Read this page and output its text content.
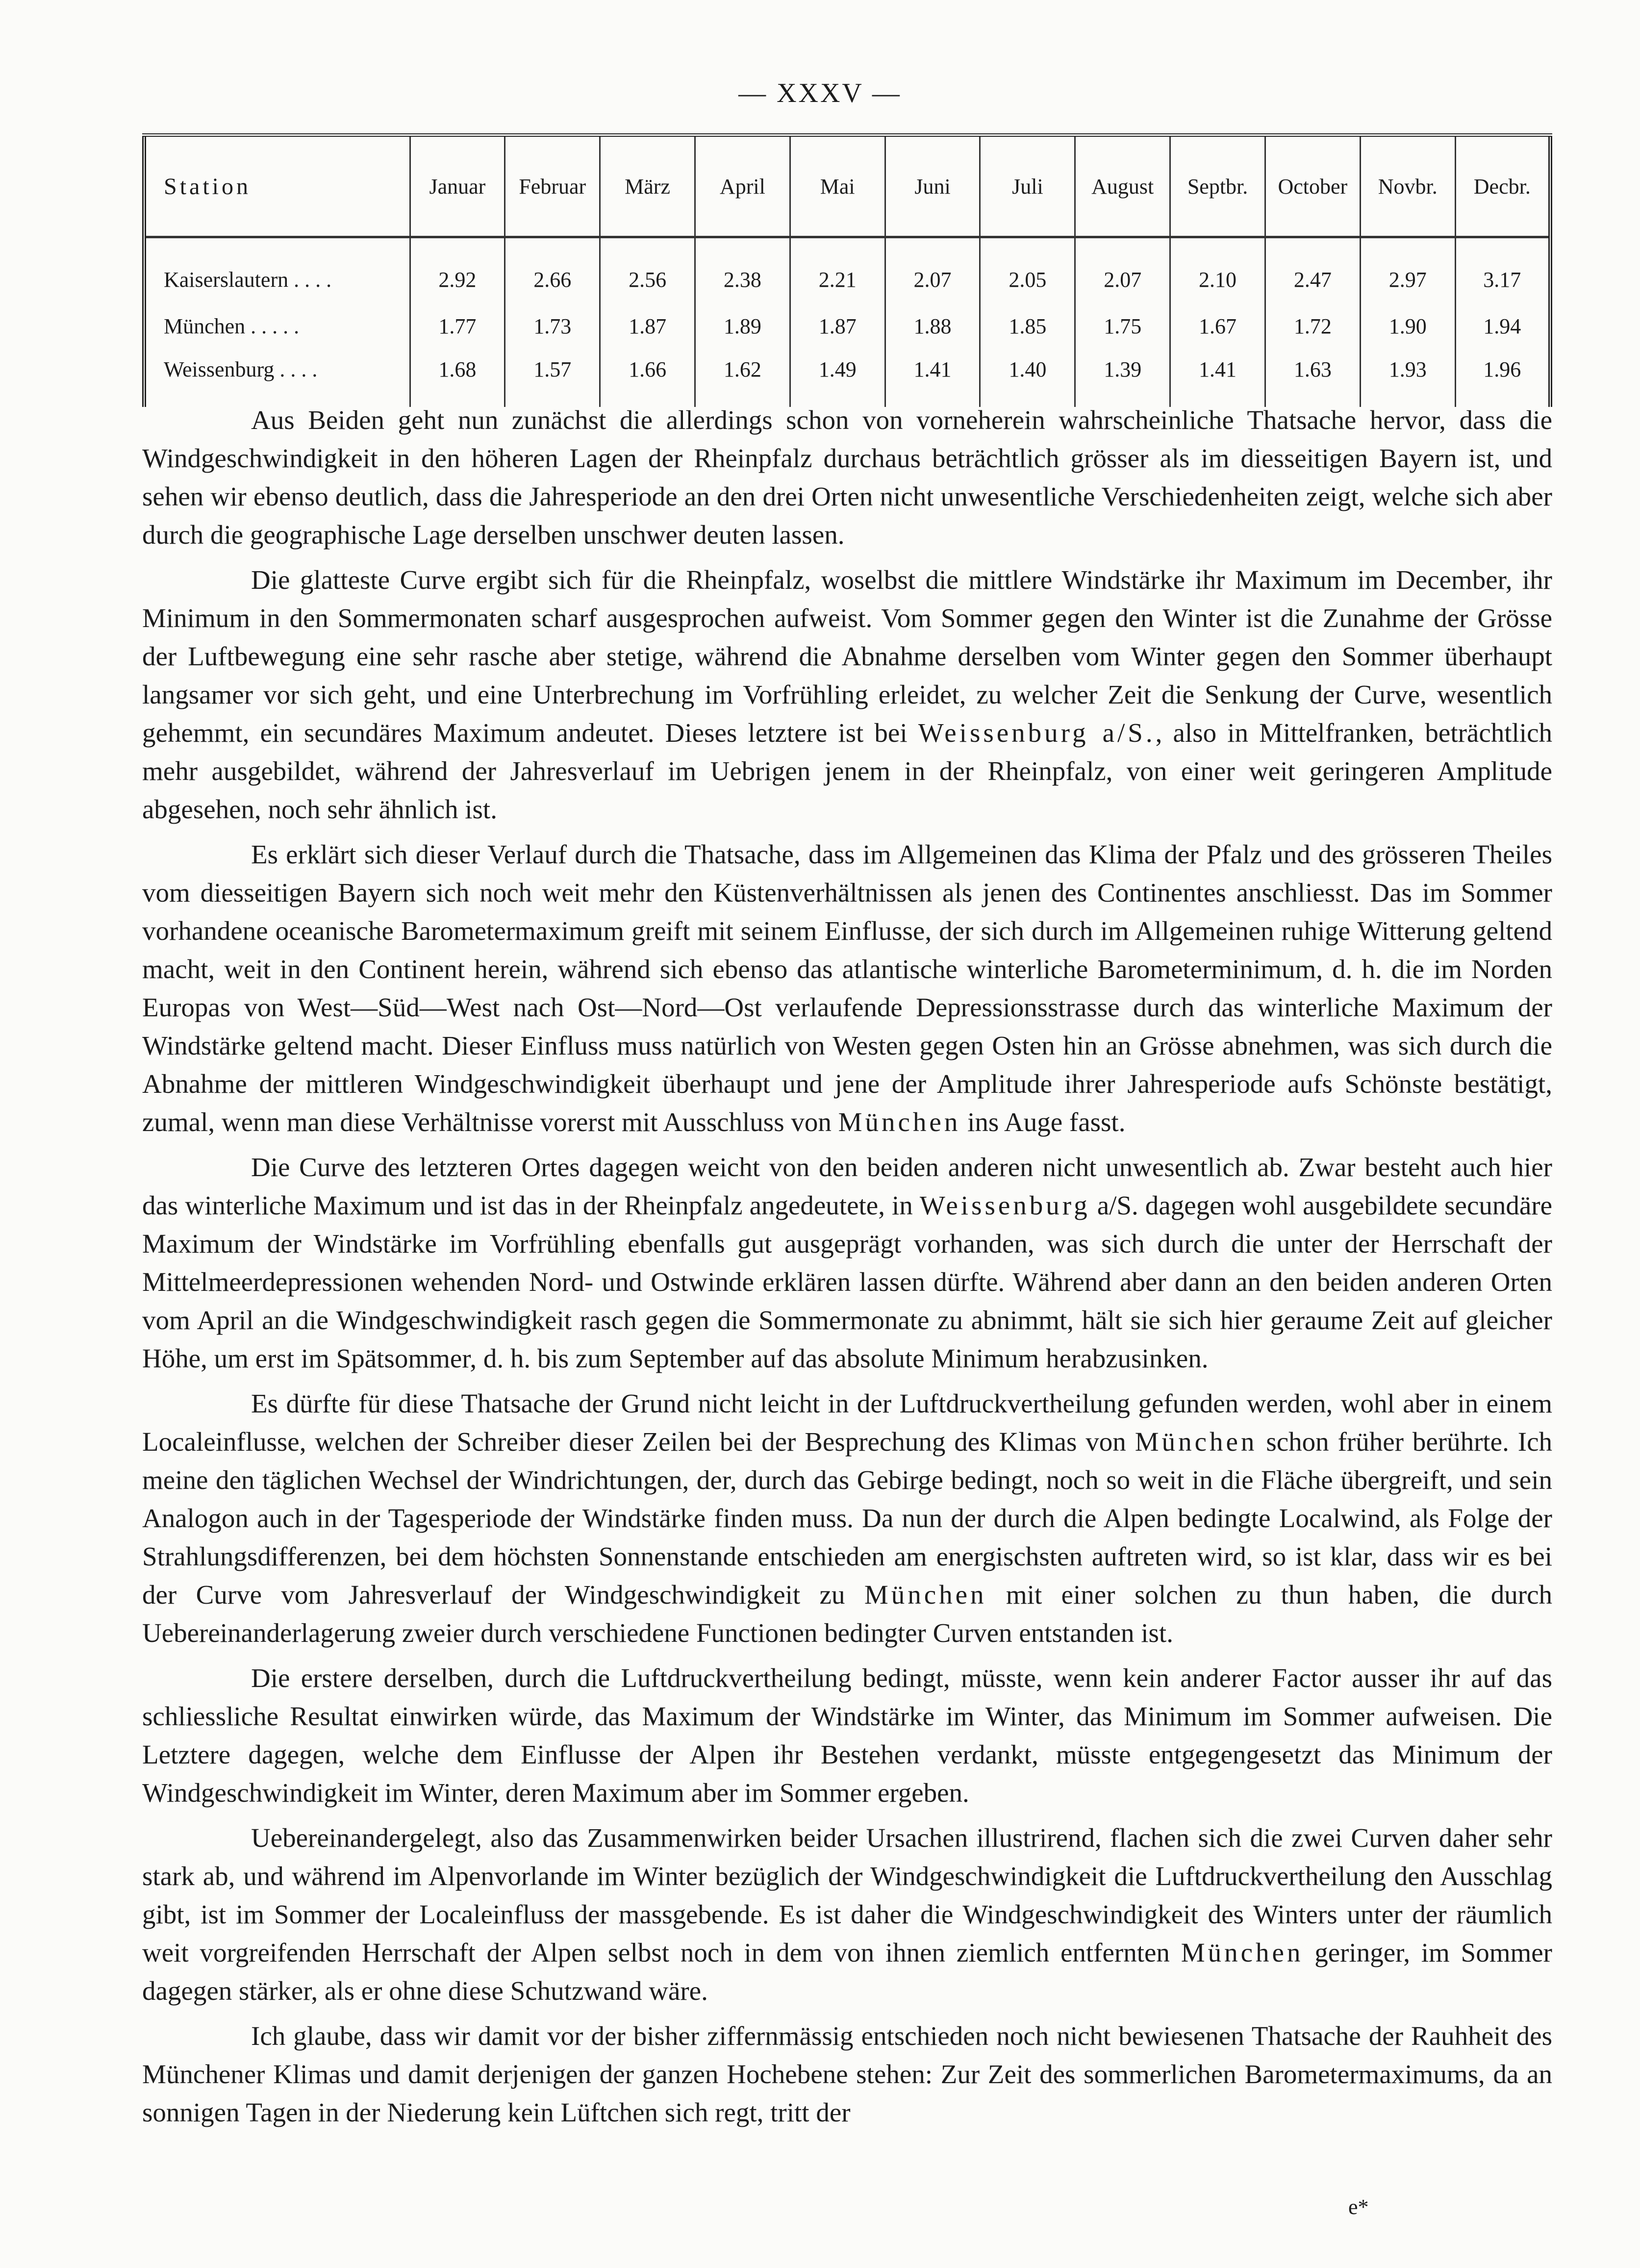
— XXXV —
Station	Januar	Februar	März	April	Mai	Juni	Juli	August	Septbr.	October	Novbr.	Decbr.
Kaiserslautern . . . .	2.92	2.66	2.56	2.38	2.21	2.07	2.05	2.07	2.10	2.47	2.97	3.17
München . . . . .	1.77	1.73	1.87	1.89	1.87	1.88	1.85	1.75	1.67	1.72	1.90	1.94
Weissenburg . . . .	1.68	1.57	1.66	1.62	1.49	1.41	1.40	1.39	1.41	1.63	1.93	1.96

Aus Beiden geht nun zunächst die allerdings schon von vorneherein wahrscheinliche Thatsache hervor, dass die Windgeschwindigkeit in den höheren Lagen der Rheinpfalz durchaus beträchtlich grösser als im diesseitigen Bayern ist, und sehen wir ebenso deutlich, dass die Jahresperiode an den drei Orten nicht unwesentliche Verschiedenheiten zeigt, welche sich aber durch die geographische Lage derselben unschwer deuten lassen.

Die glatteste Curve ergibt sich für die Rheinpfalz, woselbst die mittlere Windstärke ihr Maximum im December, ihr Minimum in den Sommermonaten scharf ausgesprochen aufweist. Vom Sommer gegen den Winter ist die Zunahme der Grösse der Luftbewegung eine sehr rasche aber stetige, während die Abnahme derselben vom Winter gegen den Sommer überhaupt langsamer vor sich geht, und eine Unterbrechung im Vorfrühling erleidet, zu welcher Zeit die Senkung der Curve, wesentlich gehemmt, ein secundäres Maximum andeutet. Dieses letztere ist bei Weissenburg a/S., also in Mittelfranken, beträchtlich mehr ausgebildet, während der Jahresverlauf im Uebrigen jenem in der Rheinpfalz, von einer weit geringeren Amplitude abgesehen, noch sehr ähnlich ist.

Es erklärt sich dieser Verlauf durch die Thatsache, dass im Allgemeinen das Klima der Pfalz und des grösseren Theiles vom diesseitigen Bayern sich noch weit mehr den Küstenverhältnissen als jenen des Continentes anschliesst. Das im Sommer vorhandene oceanische Barometermaximum greift mit seinem Einflusse, der sich durch im Allgemeinen ruhige Witterung geltend macht, weit in den Continent herein, während sich ebenso das atlantische winterliche Barometerminimum, d. h. die im Norden Europas von West—Süd—West nach Ost—Nord—Ost verlaufende Depressionsstrasse durch das winterliche Maximum der Windstärke geltend macht. Dieser Einfluss muss natürlich von Westen gegen Osten hin an Grösse abnehmen, was sich durch die Abnahme der mittleren Windgeschwindigkeit überhaupt und jene der Amplitude ihrer Jahresperiode aufs Schönste bestätigt, zumal, wenn man diese Verhältnisse vorerst mit Ausschluss von München ins Auge fasst.

Die Curve des letzteren Ortes dagegen weicht von den beiden anderen nicht unwesentlich ab. Zwar besteht auch hier das winterliche Maximum und ist das in der Rheinpfalz angedeutete, in Weissenburg a/S. dagegen wohl ausgebildete secundäre Maximum der Windstärke im Vorfrühling ebenfalls gut ausgeprägt vorhanden, was sich durch die unter der Herrschaft der Mittelmeerdepressionen wehenden Nord- und Ostwinde erklären lassen dürfte. Während aber dann an den beiden anderen Orten vom April an die Windgeschwindigkeit rasch gegen die Sommermonate zu abnimmt, hält sie sich hier geraume Zeit auf gleicher Höhe, um erst im Spätsommer, d. h. bis zum September auf das absolute Minimum herabzusinken.

Es dürfte für diese Thatsache der Grund nicht leicht in der Luftdruckvertheilung gefunden werden, wohl aber in einem Localeinflusse, welchen der Schreiber dieser Zeilen bei der Besprechung des Klimas von München schon früher berührte. Ich meine den täglichen Wechsel der Windrichtungen, der, durch das Gebirge bedingt, noch so weit in die Fläche übergreift, und sein Analogon auch in der Tagesperiode der Windstärke finden muss. Da nun der durch die Alpen bedingte Localwind, als Folge der Strahlungsdifferenzen, bei dem höchsten Sonnenstande entschieden am energischsten auftreten wird, so ist klar, dass wir es bei der Curve vom Jahresverlauf der Windgeschwindigkeit zu München mit einer solchen zu thun haben, die durch Uebereinanderlagerung zweier durch verschiedene Functionen bedingter Curven entstanden ist.

Die erstere derselben, durch die Luftdruckvertheilung bedingt, müsste, wenn kein anderer Factor ausser ihr auf das schliessliche Resultat einwirken würde, das Maximum der Windstärke im Winter, das Minimum im Sommer aufweisen. Die Letztere dagegen, welche dem Einflusse der Alpen ihr Bestehen verdankt, müsste entgegengesetzt das Minimum der Windgeschwindigkeit im Winter, deren Maximum aber im Sommer ergeben.

Uebereinandergelegt, also das Zusammenwirken beider Ursachen illustrirend, flachen sich die zwei Curven daher sehr stark ab, und während im Alpenvorlande im Winter bezüglich der Windgeschwindigkeit die Luftdruckvertheilung den Ausschlag gibt, ist im Sommer der Localeinfluss der massgebende. Es ist daher die Windgeschwindigkeit des Winters unter der räumlich weit vorgreifenden Herrschaft der Alpen selbst noch in dem von ihnen ziemlich entfernten München geringer, im Sommer dagegen stärker, als er ohne diese Schutzwand wäre.

Ich glaube, dass wir damit vor der bisher ziffernmässig entschieden noch nicht bewiesenen Thatsache der Rauhheit des Münchener Klimas und damit derjenigen der ganzen Hochebene stehen: Zur Zeit des sommerlichen Barometermaximums, da an sonnigen Tagen in der Niederung kein Lüftchen sich regt, tritt der

e*
